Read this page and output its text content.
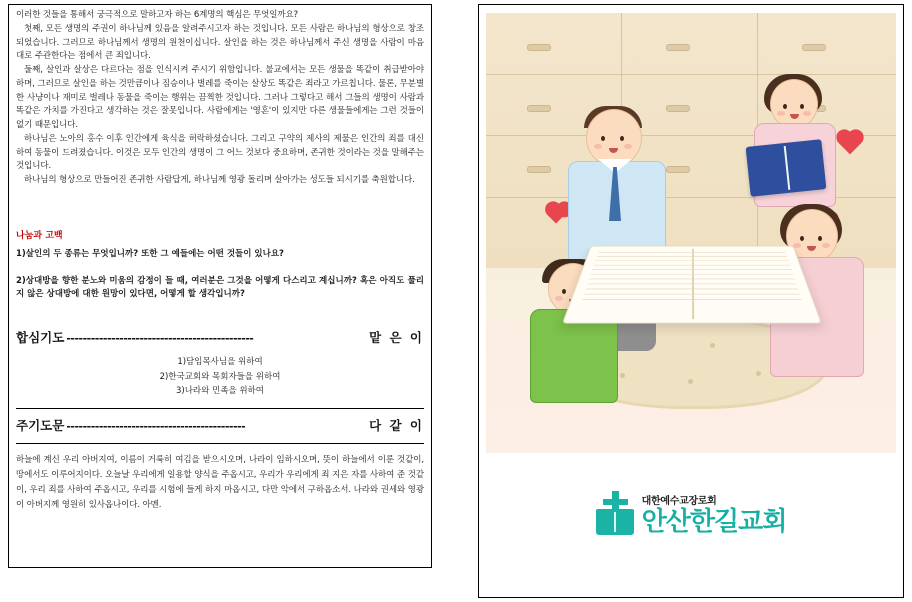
이러한 것들을 통해서 궁극적으로 말하고자 하는 6계명의 핵심은 무엇일까요?

첫째, 모든 생명의 주권이 하나님께 있음을 알려주시고자 하는 것입니다. 모든 사람은 하나님의 형상으로 창조되었습니다. 그러므로 하나님께서 생명의 원천이십니다. 살인을 하는 것은 하나님께서 주신 생명을 사람이 마음대로 주관한다는 점에서 큰 죄입니다.

둘째, 살인과 살상은 다르다는 점을 인식시켜 주시기 위함입니다. 불교에서는 모든 생물을 똑같이 취급받아야 하며, 그러므로 살인을 하는 것만큼이나 짐승이나 벌레를 죽이는 살상도 똑같은 죄라고 가르칩니다. 물론, 무분별한 사냥이나 재미로 벌레나 동물을 죽이는 행위는 끔찍한 것입니다. 그러나 그렇다고 해서 그들의 생명이 사람과 똑같은 가치를 가진다고 생각하는 것은 잘못입니다. 사람에게는 '영혼'이 있지만 다른 생물들에게는 그런 것들이 없기 때문입니다.

하나님은 노아의 홍수 이후 인간에게 육식을 허락하셨습니다. 그리고 구약의 제사의 제물은 인간의 죄를 대신하여 동물이 드려졌습니다. 이것은 모두 인간의 생명이 그 어느 것보다 중요하며, 존귀한 것이라는 것을 말해주는 것입니다.

하나님의 형상으로 만들어진 존귀한 사람답게, 하나님께 영광 돌리며 살아가는 성도들 되시기를 축원합니다.

나눔과 고백
1)살인의 두 종류는 무엇입니까? 또한 그 예들에는 어떤 것들이 있나요?
2)상대방을 향한 분노와 미움의 감정이 들 때, 여러분은 그것을 어떻게 다스리고 계십니까? 혹은 아직도 풀리지 않은 상대방에 대한 원망이 있다면, 어떻게 할 생각입니까?
합심기도 ----------------------------------------------	맡 은 이
1)담임목사님을 위하여
2)한국교회와 목회자들을 위하여
3)나라와 민족을 위하여
주기도문 --------------------------------------------	다 같 이
하늘에 계신 우리 아버지여, 이름이 거룩히 여김을 받으시오며, 나라이 임하시오며, 뜻이 하늘에서 이룬 것같이, 땅에서도 이루어지이다. 오늘날 우리에게 일용할 양식을 주옵시고, 우리가 우리에게 죄 지은 자를 사하여 준 것같이, 우리 죄를 사하여 주옵시고, 우리를 시험에 들게 하지 마옵시고, 다만 악에서 구하옵소서. 나라와 권세와 영광이 아버지께 영원히 있사옵나이다. 아멘.	대한예수교장로회
안산한길교회
